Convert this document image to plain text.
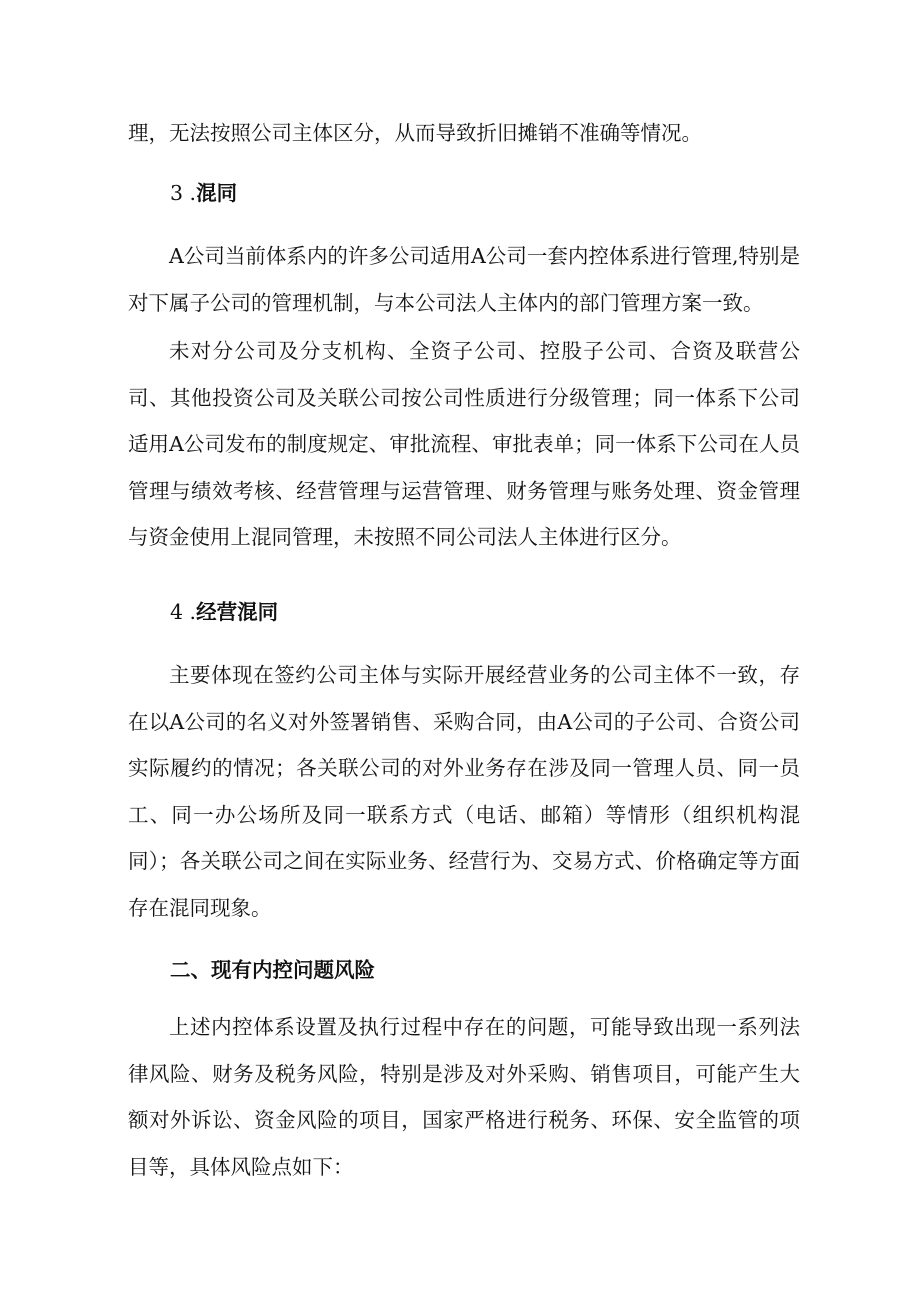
理，无法按照公司主体区分，从而导致折旧摊销不准确等情况。

3 .混同

A公司当前体系内的许多公司适用A公司一套内控体系进行管理,特别是对下属子公司的管理机制，与本公司法人主体内的部门管理方案一致。

未对分公司及分支机构、全资子公司、控股子公司、合资及联营公司、其他投资公司及关联公司按公司性质进行分级管理；同一体系下公司适用A公司发布的制度规定、审批流程、审批表单；同一体系下公司在人员管理与绩效考核、经营管理与运营管理、财务管理与账务处理、资金管理与资金使用上混同管理，未按照不同公司法人主体进行区分。

4 .经营混同

主要体现在签约公司主体与实际开展经营业务的公司主体不一致，存在以A公司的名义对外签署销售、采购合同，由A公司的子公司、合资公司实际履约的情况；各关联公司的对外业务存在涉及同一管理人员、同一员工、同一办公场所及同一联系方式（电话、邮箱）等情形（组织机构混同）；各关联公司之间在实际业务、经营行为、交易方式、价格确定等方面存在混同现象。

二、现有内控问题风险

上述内控体系设置及执行过程中存在的问题，可能导致出现一系列法律风险、财务及税务风险，特别是涉及对外采购、销售项目，可能产生大额对外诉讼、资金风险的项目，国家严格进行税务、环保、安全监管的项目等，具体风险点如下：
